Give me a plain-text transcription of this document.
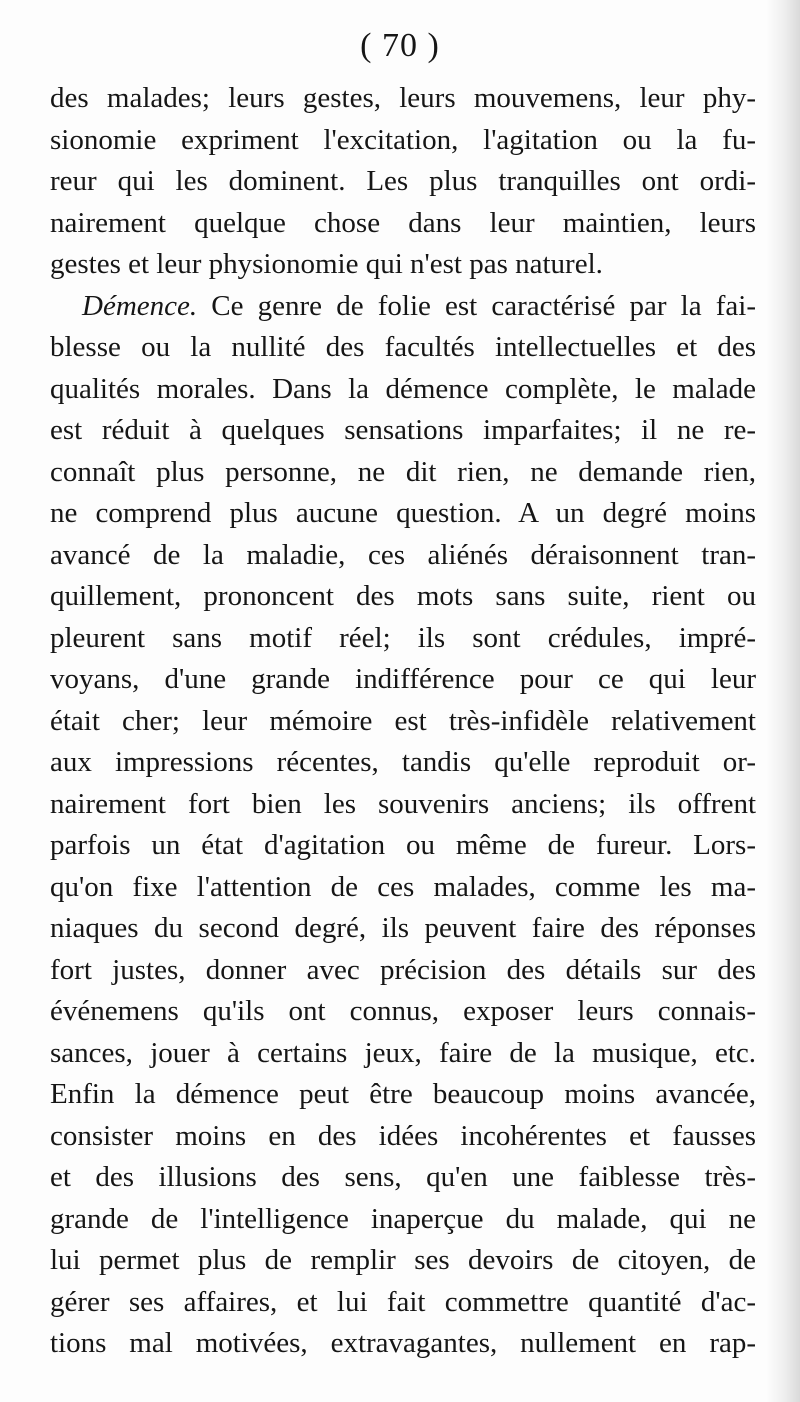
( 70 )
des malades; leurs gestes, leurs mouvemens, leur phy-
sionomie expriment l'excitation, l'agitation ou la fu-
reur qui les dominent. Les plus tranquilles ont ordi-
nairement quelque chose dans leur maintien, leurs
gestes et leur physionomie qui n'est pas naturel.
Démence. Ce genre de folie est caractérisé par la fai-
blesse ou la nullité des facultés intellectuelles et des
qualités morales. Dans la démence complète, le malade
est réduit à quelques sensations imparfaites; il ne re-
connaît plus personne, ne dit rien, ne demande rien,
ne comprend plus aucune question. A un degré moins
avancé de la maladie, ces aliénés déraisonnent tran-
quillement, prononcent des mots sans suite, rient ou
pleurent sans motif réel; ils sont crédules, impré-
voyans, d'une grande indifférence pour ce qui leur
était cher; leur mémoire est très-infidèle relativement
aux impressions récentes, tandis qu'elle reproduit or-
nairement fort bien les souvenirs anciens; ils offrent
parfois un état d'agitation ou même de fureur. Lors-
qu'on fixe l'attention de ces malades, comme les ma-
niaques du second degré, ils peuvent faire des réponses
fort justes, donner avec précision des détails sur des
événemens qu'ils ont connus, exposer leurs connais-
sances, jouer à certains jeux, faire de la musique, etc.
Enfin la démence peut être beaucoup moins avancée,
consister moins en des idées incohérentes et fausses
et des illusions des sens, qu'en une faiblesse très-
grande de l'intelligence inaperçue du malade, qui ne
lui permet plus de remplir ses devoirs de citoyen, de
gérer ses affaires, et lui fait commettre quantité d'ac-
tions mal motivées, extravagantes, nullement en rap-
